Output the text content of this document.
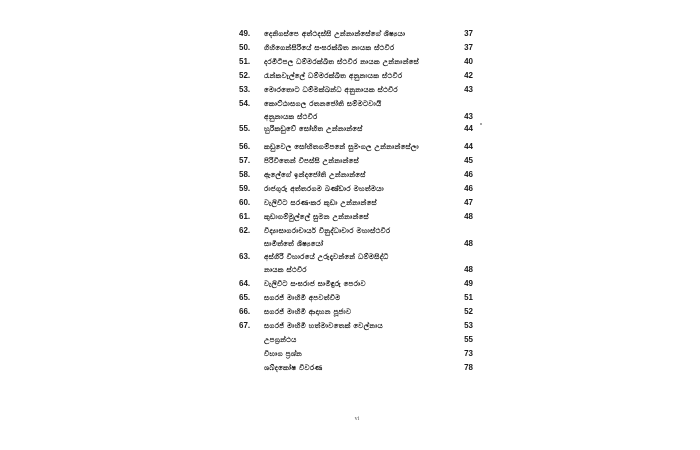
49.	දෙනිගස්පෙ අත්ථදස්සි උන්නාන්සේගේ ශිෂ්‍යයා	37
50.	ගිහිගෙන්සිරියේ සංඝරක්ඛිත නායක ස්ථවිර	37
51.	දරමිටිපල ධම්මරක්ඛිත ස්ථවිර නායක උන්නාන්සේ	40
52.	රැන්කවැල්ලේ ධම්මරක්ඛිත අනුනායක ස්ථවිර	42
53.	මොරතොට ධම්මක්ඛන්ධ අනුනායක ස්ථවිර	43
54.	කොට්ඨාසගල රතනජෝති සම්මටවායි
අනුනායක ස්ථවිර	43
55.	හුරිකඩුවේ සෝභිත උන්නාන්සේ	44
56.	කඩුවෙල සෝභිතගම්පනේ සුමංගල උන්නාන්සේලා	44
57.	පිරිවිතෙන් විපස්සි උන්නාන්සේ	45
58.	ඇලේගේ ඉන්දජෝති උන්නාන්සේ	46
59.	රාජගුරු අත්තරගම බණ්ඩාර මහත්මයා	46
60.	වැලිවිට සරණංකර කුඩා උන්නාන්සේ	47
61.	කුඩාගම්මුල්ලේ සුමන උන්නාන්සේ	48
62.	විද්‍යාසාගරාචාර්ය විනුද්ධාචාර මහාස්ථවිර
සාමිත්තේ ශිෂ්‍යයෝ	48
63.	අස්ගිරි විහාරයේ උරුදෑවන්නේ ධම්මසිද්ධි
නායක ස්ථවිර	48
64.	වැලිවිට සංඝරාජ සාමිඳුරු පෙරාව	49
65.	සගරජ් මාහිමි අපවත්වීම	51
66.	සගරජ් මාහිමි ආදාහන පූජාව	52
67.	සගරජ් මාහිමි හත්මාවතෙක් වෙල්නාය	53
උපග්‍රන්ථය	55
විභාග ප්‍රශ්න	73
ශබ්දකෝෂ විවරණ	78
vi
